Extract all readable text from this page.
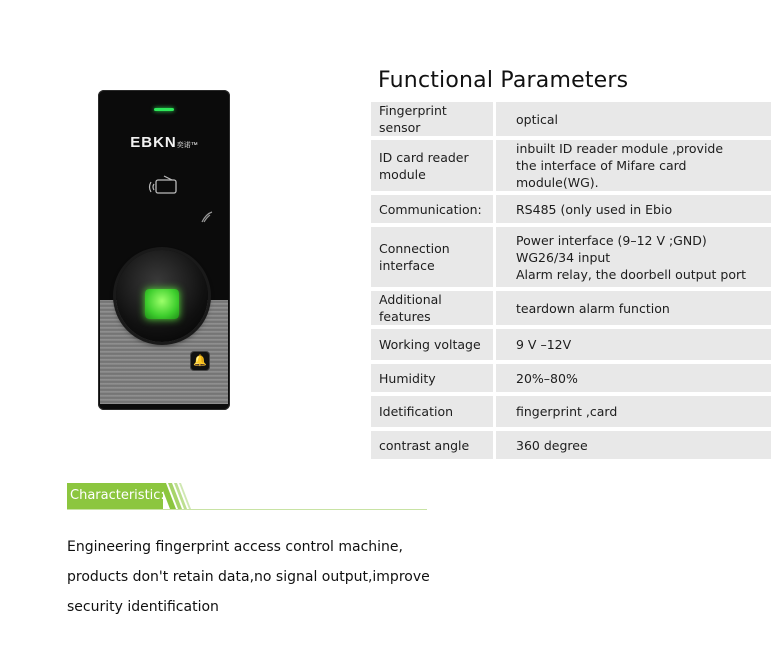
EBKN奕诺™
🔔
Functional Parameters
Fingerprint sensor	optical

ID card reader module	inbuilt ID reader module ,provide
the interface of Mifare card module(WG).

Communication:	RS485 (only used in Ebio

Connection interface	Power interface (9–12 V ;GND)
WG26/34 input
Alarm relay, the doorbell output port

Additional features	teardown alarm function

Working voltage	9 V –12V

Humidity	20%–80%

Idetification	fingerprint ,card

contrast angle	360 degree
Characteristic:
Engineering fingerprint access control machine,
products don't retain data,no signal output,improve
security identification
